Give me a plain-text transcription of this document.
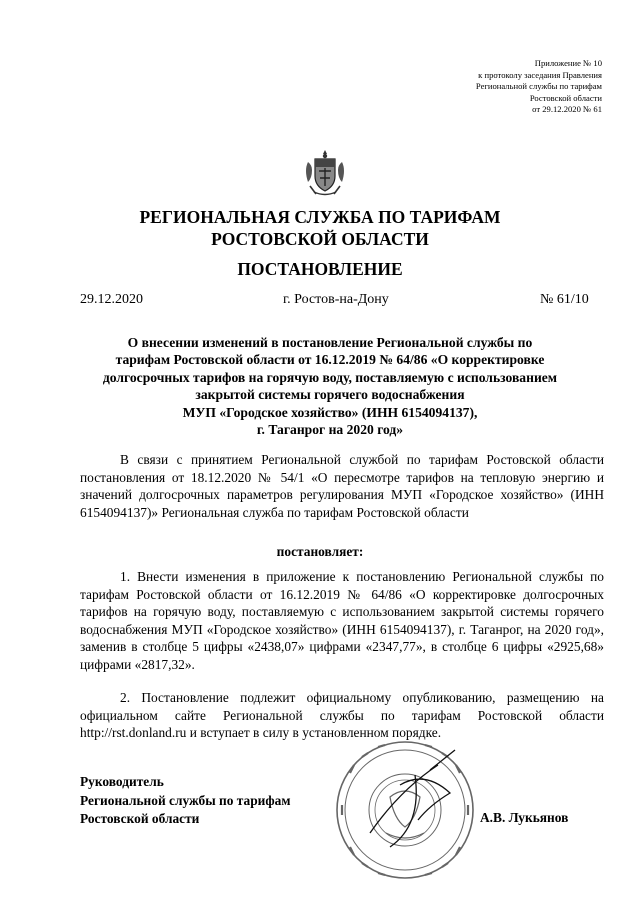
Приложение № 10
к протоколу заседания Правления
Региональной службы по тарифам
Ростовской области
от 29.12.2020 № 61
РЕГИОНАЛЬНАЯ СЛУЖБА ПО ТАРИФАМ
РОСТОВСКОЙ ОБЛАСТИ
ПОСТАНОВЛЕНИЕ
29.12.2020	г. Ростов-на-Дону	№ 61/10
О внесении изменений в постановление Региональной службы по
тарифам Ростовской области от 16.12.2019 № 64/86 «О корректировке
долгосрочных тарифов на горячую воду, поставляемую с использованием
закрытой системы горячего водоснабжения
МУП «Городское хозяйство» (ИНН 6154094137),
г. Таганрог на 2020 год»
В связи с принятием Региональной службой по тарифам Ростовской области постановления от 18.12.2020 № 54/1 «О пересмотре тарифов на тепловую энергию и значений долгосрочных параметров регулирования МУП «Городское хозяйство» (ИНН 6154094137)» Региональная служба по тарифам Ростовской области
постановляет:
1. Внести изменения в приложение к постановлению Региональной службы по тарифам Ростовской области от 16.12.2019 № 64/86 «О корректировке долгосрочных тарифов на горячую воду, поставляемую с использованием закрытой системы горячего водоснабжения МУП «Городское хозяйство» (ИНН 6154094137), г. Таганрог, на 2020 год», заменив в столбце 5 цифры «2438,07» цифрами «2347,77», в столбце 6 цифры «2925,68» цифрами «2817,32».
2. Постановление подлежит официальному опубликованию, размещению на официальном сайте Региональной службы по тарифам Ростовской области http://rst.donland.ru и вступает в силу в установленном порядке.
Руководитель
Региональной службы по тарифам
Ростовской области	А.В. Лукьянов
